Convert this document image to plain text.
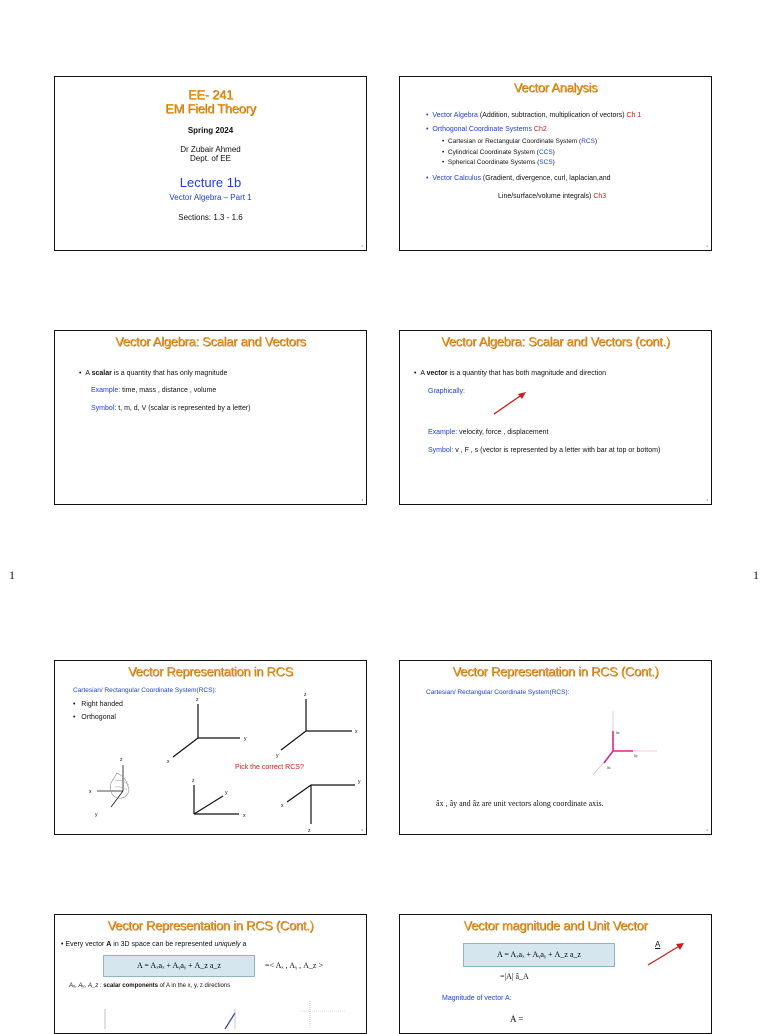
EE- 241
EM Field Theory
Spring 2024
Dr Zubair Ahmed
Dept. of EE
Lecture 1b
Vector Algebra – Part 1
Sections: 1.3 - 1.6
1
Vector Analysis
•  Vector Algebra (Addition, subtraction, multiplication of vectors) Ch 1
•  Orthogonal Coordinate Systems Ch2
•  Cartesian or Rectangular Coordinate System (RCS)
•  Cylindrical Coordinate System (CCS)
•  Spherical Coordinate Systems (SCS)
•  Vector Calculus (Gradient, divergence, curl, laplacian,and
Line/surface/volume integrals) Ch3
2
Vector Algebra: Scalar and Vectors
•  A scalar is a quantity that has only magnitude
Example: time, mass , distance , volume
Symbol: t, m, d, V (scalar is represented by a letter)
3
Vector Algebra: Scalar and Vectors (cont.)
•  A vector is a quantity that has both magnitude and direction
Graphically:
Example: velocity, force , displacement
Symbol: v , F , s (vector is represented by a letter with bar at top or bottom)
4
1	1
Vector Representation in RCS
Cartesian/ Rectangular Coordinate System(RCS):
•   Right handed
•   Orthogonal
z
y
x
z
x
y
z
x
y
z
x
y
z
y
x
Pick the correct RCS?
5
Vector Representation in RCS (Cont.)
Cartesian/ Rectangular Coordinate System(RCS):
âz
ây
âx
âx , ây and âz are unit vectors along coordinate axis.
6
Vector Representation in RCS (Cont.)
• Every vector A in 3D space can be represented uniquely a
A = Aₓaₓ + Aᵧaᵧ + A_z a_z	=< Aₓ , Aᵧ , A_z >
Aₓ, Aᵧ, A_z : scalar components of A in the x, y, z directions
Vector magnitude and Unit Vector
A = Aₓaₓ + Aᵧaᵧ + A_z a_z
A
=|A| â_A
Magnitude of vector A:
A =
